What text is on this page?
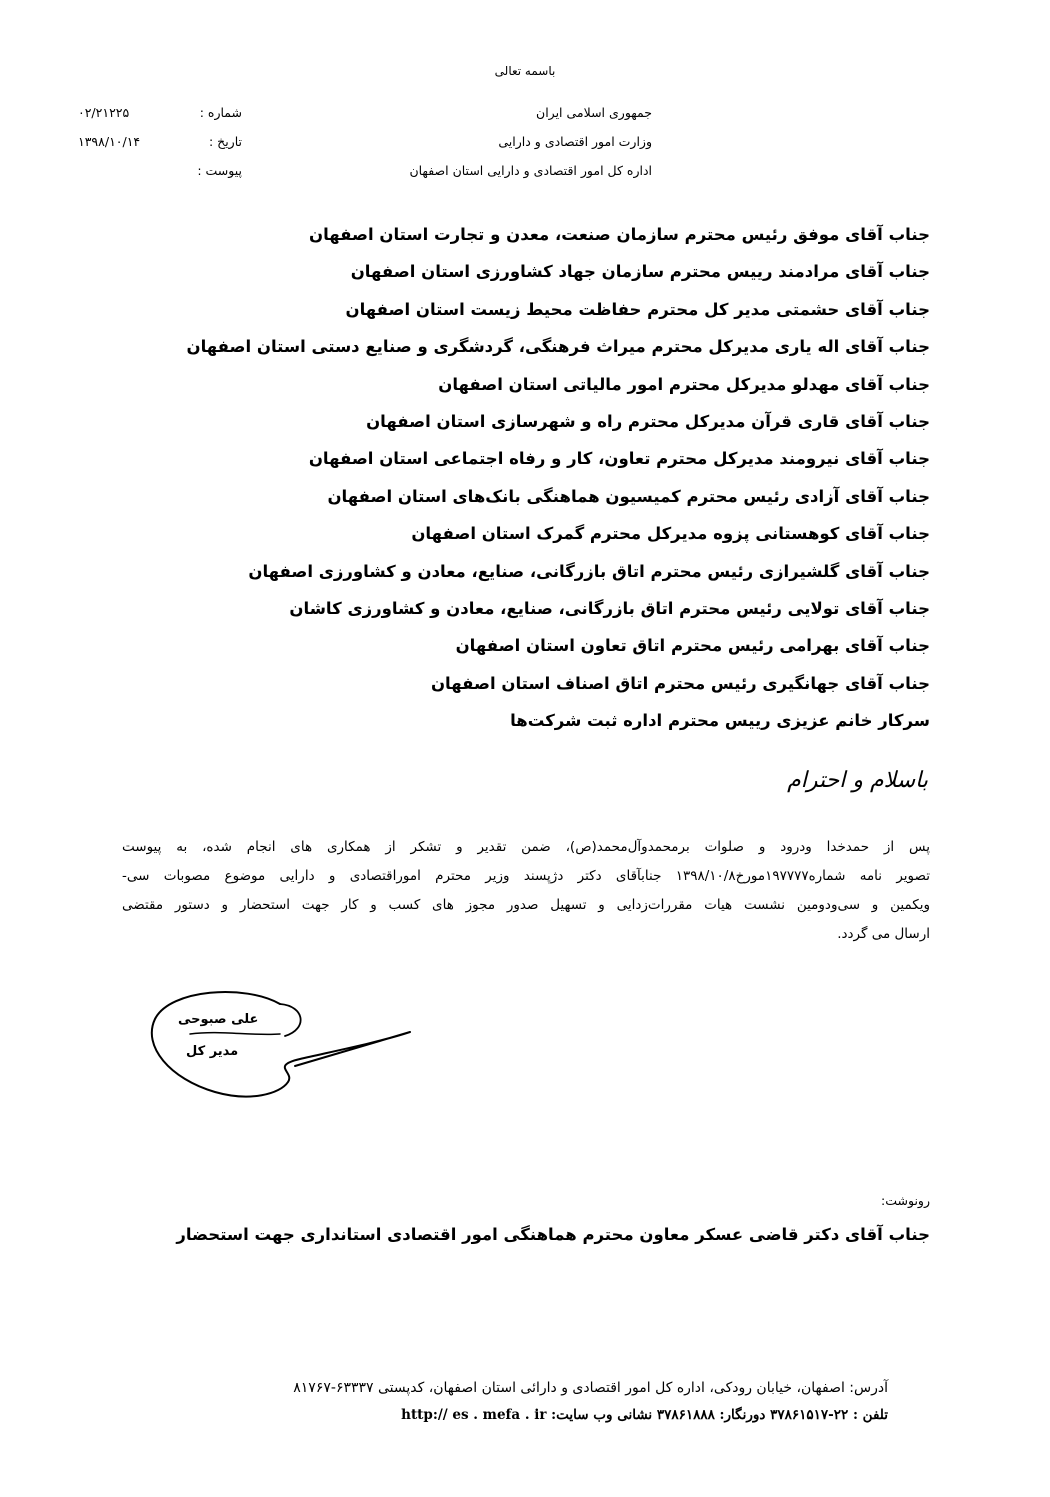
باسمه تعالی
جمهوری اسلامی ایران
وزارت امور اقتصادی و دارایی
اداره کل امور اقتصادی و دارایی استان اصفهان
شماره :
تاریخ :
پیوست :
۰۲/۲۱۲۲۵
۱۳۹۸/۱۰/۱۴
جناب آقای موفق رئیس محترم سازمان صنعت، معدن و تجارت استان اصفهان
جناب آقای مرادمند رییس محترم سازمان جهاد کشاورزی استان اصفهان
جناب آقای حشمتی مدیر کل محترم حفاظت محیط زیست استان اصفهان
جناب آقای اله یاری مدیرکل محترم میراث فرهنگی، گردشگری و صنایع دستی استان اصفهان
جناب آقای مهدلو مدیرکل محترم امور مالیاتی استان اصفهان
جناب آقای قاری قرآن مدیرکل محترم راه و شهرسازی استان اصفهان
جناب آقای نیرومند مدیرکل محترم تعاون، کار و رفاه اجتماعی استان اصفهان
جناب آقای آزادی رئیس محترم کمیسیون هماهنگی بانک‌های استان اصفهان
جناب آقای کوهستانی پزوه مدیرکل محترم گمرک استان اصفهان
جناب آقای گلشیرازی رئیس محترم اتاق بازرگانی، صنایع، معادن و کشاورزی اصفهان
جناب آقای تولایی رئیس محترم اتاق بازرگانی، صنایع، معادن و کشاورزی کاشان
جناب آقای بهرامی رئیس محترم اتاق تعاون استان اصفهان
جناب آقای جهانگیری رئیس محترم اتاق اصناف استان اصفهان
سرکار خانم عزیزی رییس محترم اداره ثبت شرکت‌ها
باسلام و احترام
پس از حمدخدا ودرود و صلوات برمحمدوآل‌محمد(ص)، ضمن تقدیر و تشکر از همکاری های انجام شده، به پیوست
تصویر نامه شماره۱۹۷۷۷۷مورخ۱۳۹۸/۱۰/۸ جنابآقای دکتر دژپسند وزیر محترم اموراقتصادی و دارایی موضوع مصوبات سی-
ویکمین و سی‌ودومین نشست هیات مقررات‌زدایی و تسهیل صدور مجوز های کسب و کار جهت استحضار و دستور مقتضی
ارسال می گردد.
علی صبوحی
مدیر کل
رونوشت:
جناب آقای دکتر قاضی عسکر معاون محترم هماهنگی امور اقتصادی استانداری جهت استحضار
آدرس: اصفهان، خیابان رودکی، اداره کل امور اقتصادی و دارائی استان اصفهان، کدپستی ۶۳۳۳۷-۸۱۷۶۷
تلفن : ۲۲-۳۷۸۶۱۵۱۷ دورنگار: ۳۷۸۶۱۸۸۸ نشانی وب سایت: http:// es . mefa . ir
